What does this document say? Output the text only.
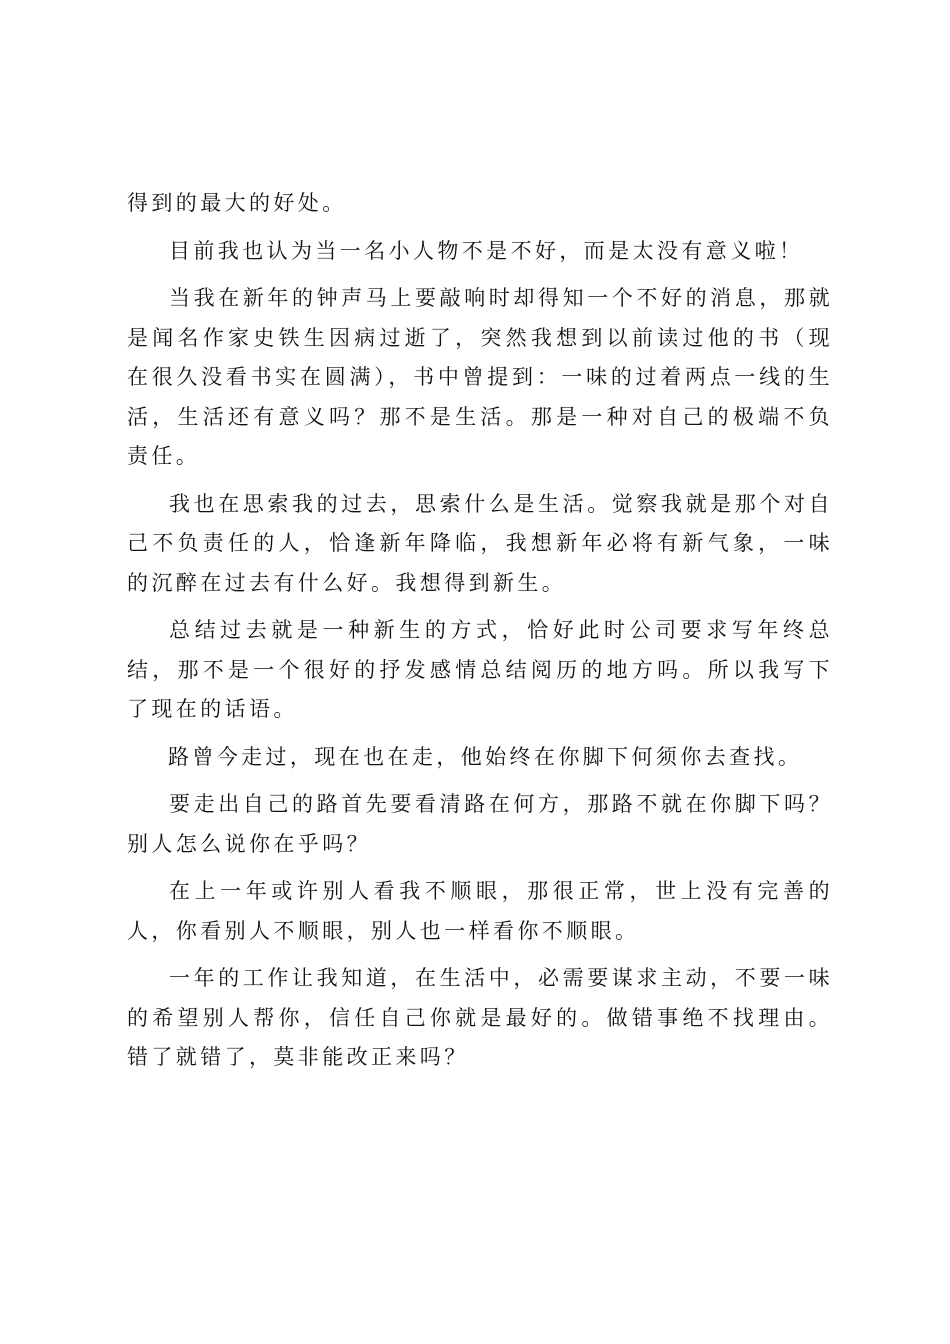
得到的最大的好处。

目前我也认为当一名小人物不是不好，而是太没有意义啦！

当我在新年的钟声马上要敲响时却得知一个不好的消息，那就是闻名作家史铁生因病过逝了，突然我想到以前读过他的书（现在很久没看书实在圆满），书中曾提到：一味的过着两点一线的生活，生活还有意义吗？那不是生活。那是一种对自己的极端不负责任。

我也在思索我的过去，思索什么是生活。觉察我就是那个对自己不负责任的人，恰逢新年降临，我想新年必将有新气象，一味的沉醉在过去有什么好。我想得到新生。

总结过去就是一种新生的方式，恰好此时公司要求写年终总结，那不是一个很好的抒发感情总结阅历的地方吗。所以我写下了现在的话语。

路曾今走过，现在也在走，他始终在你脚下何须你去查找。

要走出自己的路首先要看清路在何方，那路不就在你脚下吗？别人怎么说你在乎吗？

在上一年或许别人看我不顺眼，那很正常，世上没有完善的人，你看别人不顺眼，别人也一样看你不顺眼。

一年的工作让我知道，在生活中，必需要谋求主动，不要一味的希望别人帮你，信任自己你就是最好的。做错事绝不找理由。错了就错了，莫非能改正来吗？
